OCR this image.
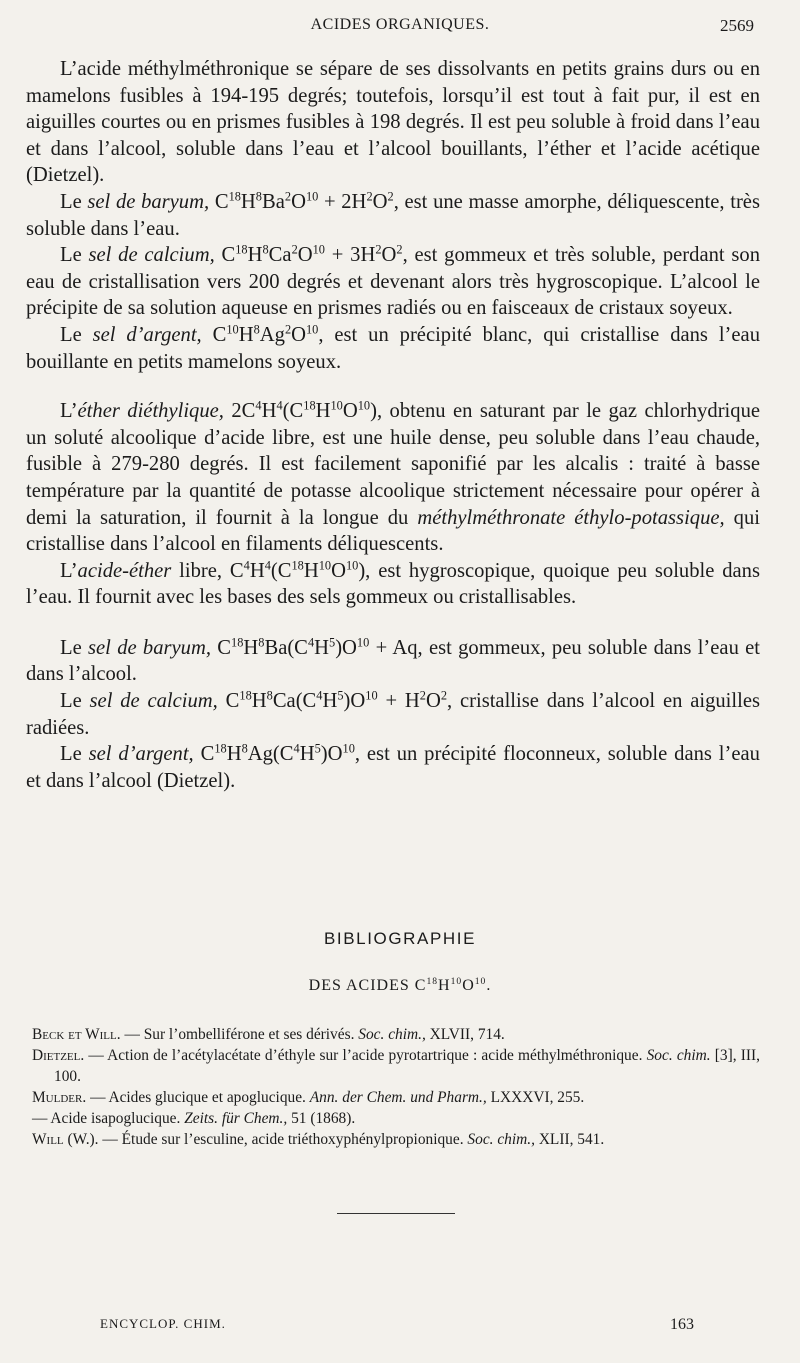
ACIDES ORGANIQUES.	2569

L’acide méthylméthronique se sépare de ses dissolvants en petits grains durs ou en mamelons fusibles à 194-195 degrés; toutefois, lorsqu’il est tout à fait pur, il est en aiguilles courtes ou en prismes fusibles à 198 degrés. Il est peu soluble à froid dans l’eau et dans l’alcool, soluble dans l’eau et l’alcool bouillants, l’éther et l’acide acétique (Dietzel).

Le sel de baryum, $C^{18}H^8Ba^2O^{10} + 2H^2O^2$, est une masse amorphe, déliquescente, très soluble dans l’eau.

Le sel de calcium, $C^{18}H^8Ca^2O^{10} + 3H^2O^2$, est gommeux et très soluble, perdant son eau de cristallisation vers 200 degrés et devenant alors très hygroscopique. L’alcool le précipite de sa solution aqueuse en prismes radiés ou en faisceaux de cristaux soyeux.

Le sel d’argent, $C^{10}H^8Ag^2O^{10}$, est un précipité blanc, qui cristallise dans l’eau bouillante en petits mamelons soyeux.

L’éther diéthylique, $2C^4H^4(C^{18}H^{10}O^{10})$, obtenu en saturant par le gaz chlorhydrique un soluté alcoolique d’acide libre, est une huile dense, peu soluble dans l’eau chaude, fusible à 279-280 degrés. Il est facilement saponifié par les alcalis : traité à basse température par la quantité de potasse alcoolique strictement nécessaire pour opérer à demi la saturation, il fournit à la longue du méthylméthronate éthylo-potassique, qui cristallise dans l’alcool en filaments déliquescents.

L’acide-éther libre, $C^4H^4(C^{18}H^{10}O^{10})$, est hygroscopique, quoique peu soluble dans l’eau. Il fournit avec les bases des sels gommeux ou cristallisables.

Le sel de baryum, $C^{18}H^8Ba(C^4H^5)O^{10} + Aq$, est gommeux, peu soluble dans l’eau et dans l’alcool.

Le sel de calcium, $C^{18}H^8Ca(C^4H^5)O^{10} + H^2O^2$, cristallise dans l’alcool en aiguilles radiées.

Le sel d’argent, $C^{18}H^8Ag(C^4H^5)O^{10}$, est un précipité floconneux, soluble dans l’eau et dans l’alcool (Dietzel).

BIBLIOGRAPHIE
DES ACIDES $C^{18}H^{10}O^{10}$.

Beck et Will. — Sur l’ombelliférone et ses dérivés. Soc. chim., XLVII, 714.

Dietzel. — Action de l’acétylacétate d’éthyle sur l’acide pyrotartrique : acide méthylméthronique. Soc. chim. [3], III, 100.

Mulder. — Acides glucique et apoglucique. Ann. der Chem. und Pharm., LXXXVI, 255.

— Acide isapoglucique. Zeits. für Chem., 51 (1868).

Will (W.). — Étude sur l’esculine, acide triéthoxyphénylpropionique. Soc. chim., XLII, 541.

ENCYCLOP. CHIM.	163
